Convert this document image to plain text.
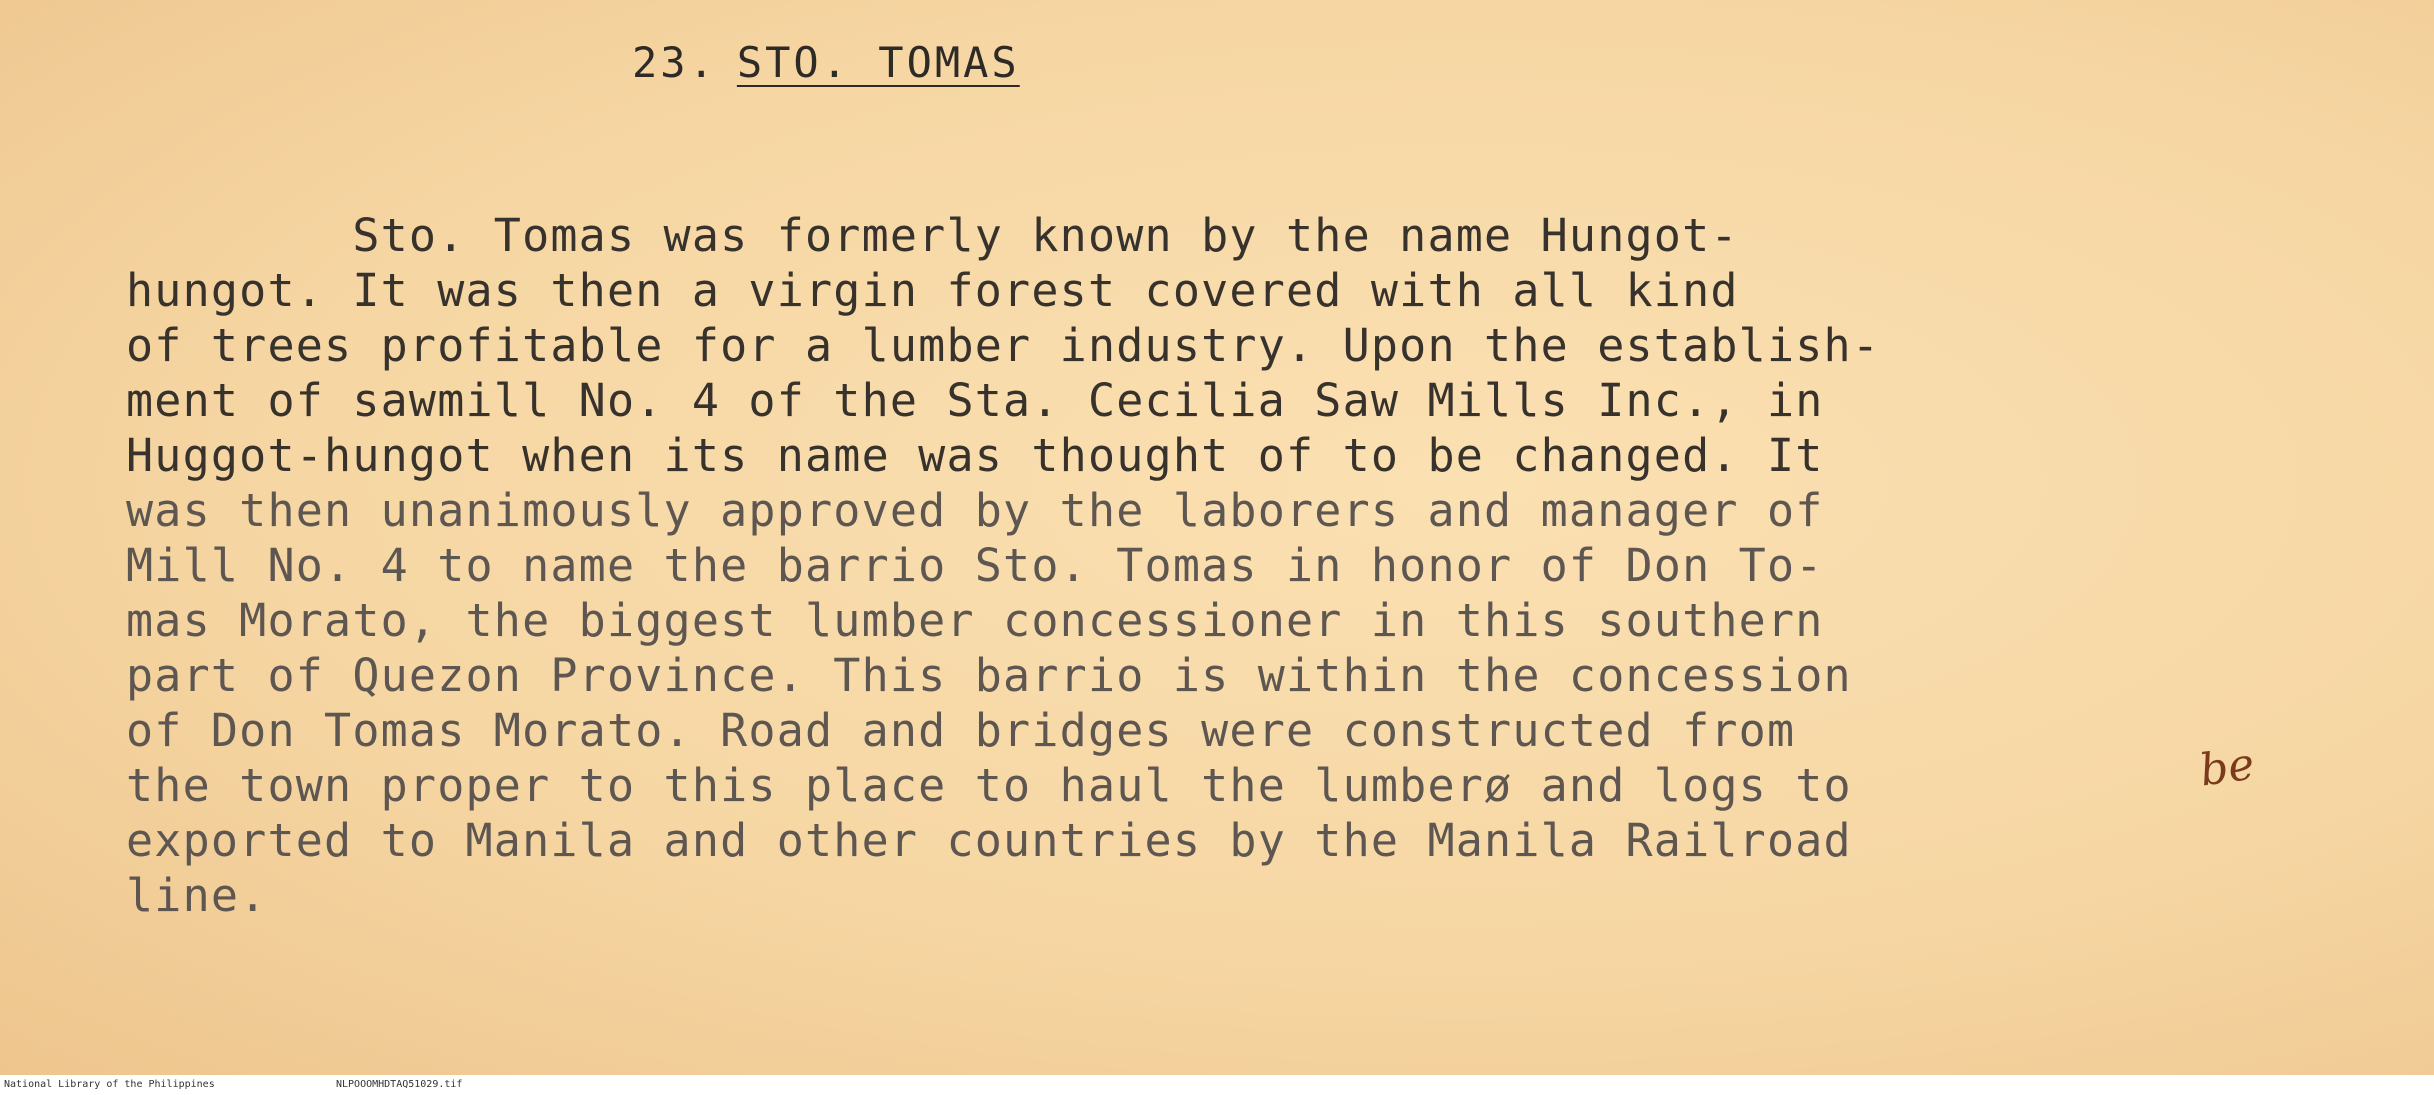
23. STO. TOMAS
Sto. Tomas was formerly known by the name Hungot-
hungot. It was then a virgin forest covered with all kind
of trees profitable for a lumber industry. Upon the establish-
ment of sawmill No. 4 of the Sta. Cecilia Saw Mills Inc., in
Huggot-hungot when its name was thought of to be changed. It
was then unanimously approved by the laborers and manager of
Mill No. 4 to name the barrio Sto. Tomas in honor of Don To-
mas Morato, the biggest lumber concessioner in this southern
part of Quezon Province. This barrio is within the concession
of Don Tomas Morato. Road and bridges were constructed from
the town proper to this place to haul the lumberø and logs to
exported to Manila and other countries by the Manila Railroad
line.
be
National Library of the Philippines	NLPOOOMHDTAQ51029.tif
